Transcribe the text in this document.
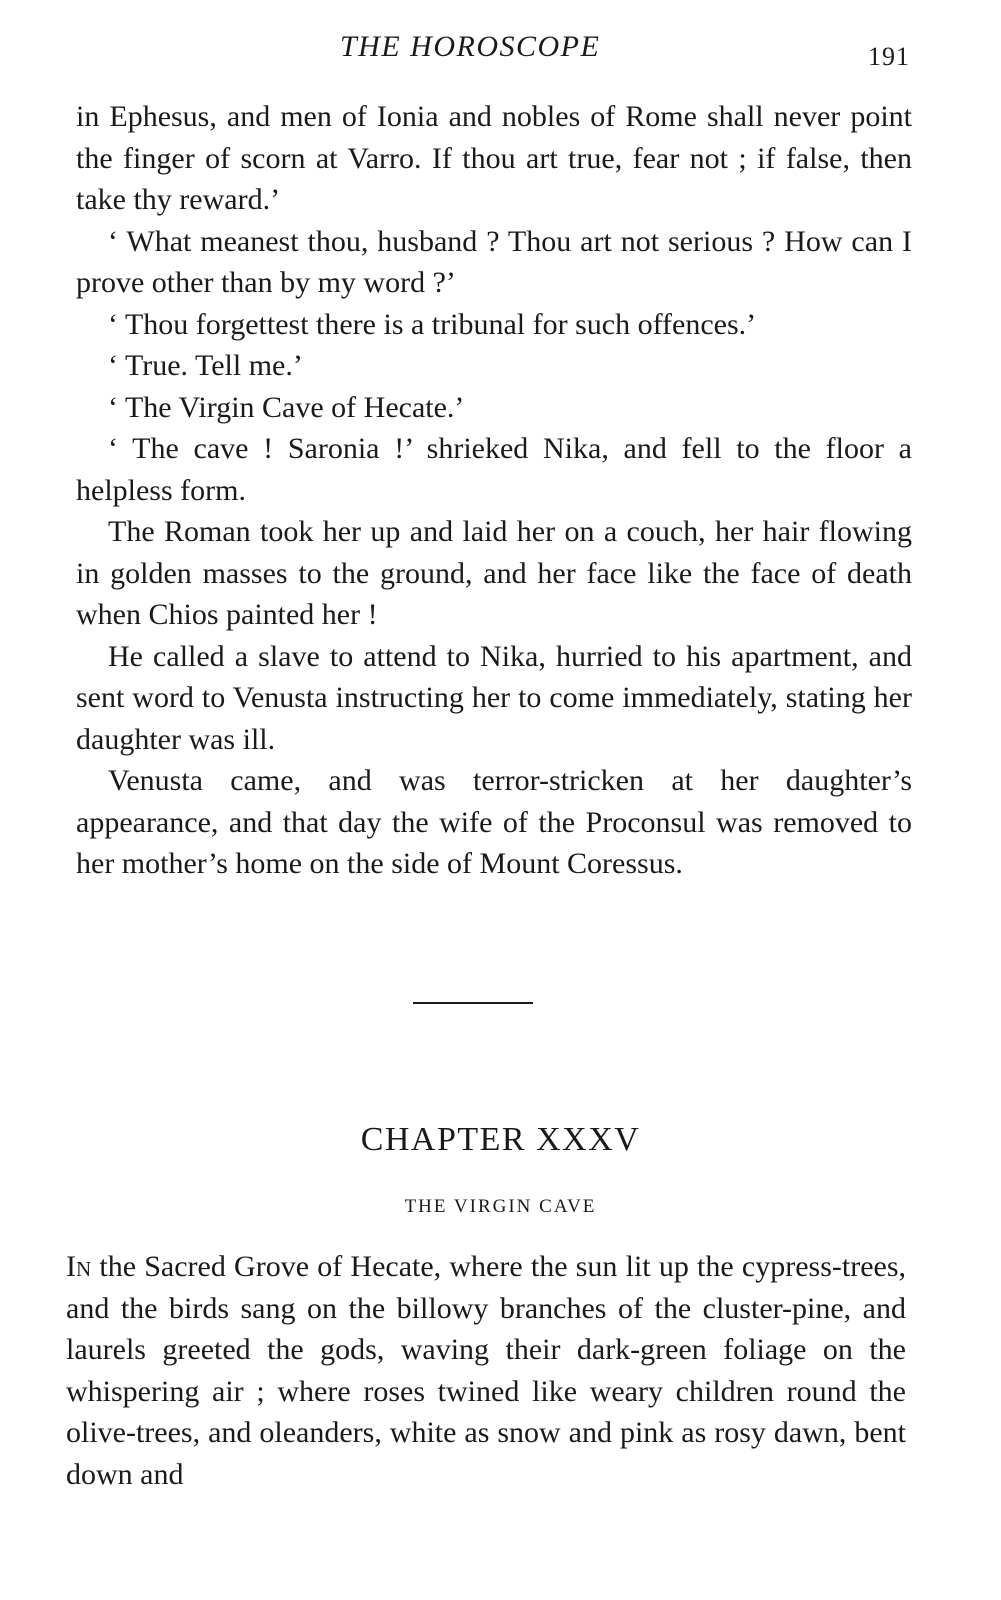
THE HOROSCOPE	191

in Ephesus, and men of Ionia and nobles of Rome shall never point the finger of scorn at Varro. If thou art true, fear not ; if false, then take thy reward.’

‘ What meanest thou, husband ? Thou art not serious ? How can I prove other than by my word ?’

‘ Thou forgettest there is a tribunal for such offences.’

‘ True. Tell me.’

‘ The Virgin Cave of Hecate.’

‘ The cave ! Saronia !’ shrieked Nika, and fell to the floor a helpless form.

The Roman took her up and laid her on a couch, her hair flowing in golden masses to the ground, and her face like the face of death when Chios painted her !

He called a slave to attend to Nika, hurried to his apartment, and sent word to Venusta instructing her to come immediately, stating her daughter was ill.

Venusta came, and was terror-stricken at her daughter’s appearance, and that day the wife of the Proconsul was removed to her mother’s home on the side of Mount Coressus.

CHAPTER XXXV
THE VIRGIN CAVE

In the Sacred Grove of Hecate, where the sun lit up the cypress-trees, and the birds sang on the billowy branches of the cluster-pine, and laurels greeted the gods, waving their dark-green foliage on the whispering air ; where roses twined like weary children round the olive-trees, and oleanders, white as snow and pink as rosy dawn, bent down and
